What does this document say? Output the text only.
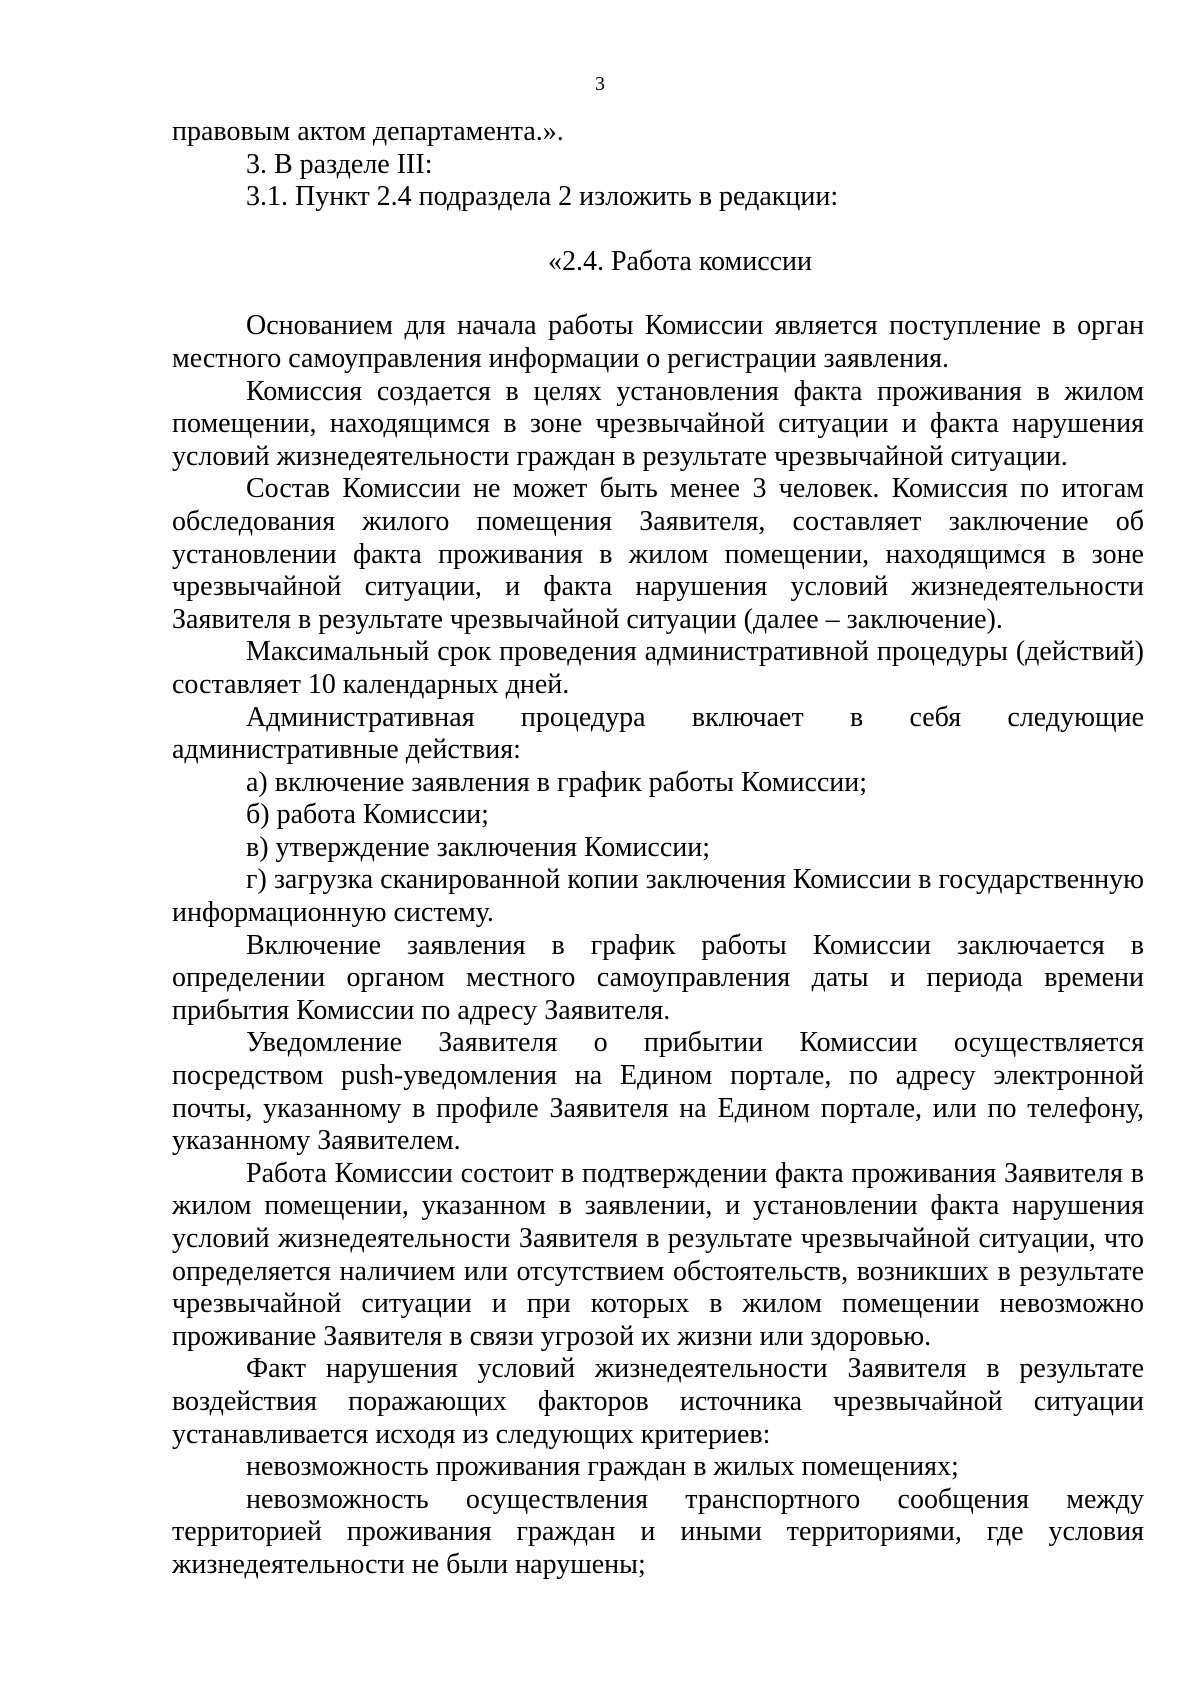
3

правовым актом департамента.».

3. В разделе III:

3.1. Пункт 2.4 подраздела 2 изложить в редакции:

«2.4. Работа комиссии

Основанием для начала работы Комиссии является поступление в орган местного самоуправления информации о регистрации заявления.

Комиссия создается в целях установления факта проживания в жилом помещении, находящимся в зоне чрезвычайной ситуации и факта нарушения условий жизнедеятельности граждан в результате чрезвычайной ситуации.

Состав Комиссии не может быть менее 3 человек. Комиссия по итогам обследования жилого помещения Заявителя, составляет заключение об установлении факта проживания в жилом помещении, находящимся в зоне чрезвычайной ситуации, и факта нарушения условий жизнедеятельности Заявителя в результате чрезвычайной ситуации (далее – заключение).

Максимальный срок проведения административной процедуры (действий) составляет 10 календарных дней.

Административная процедура включает в себя следующие административные действия:

а) включение заявления в график работы Комиссии;

б) работа Комиссии;

в) утверждение заключения Комиссии;

г) загрузка сканированной копии заключения Комиссии в государственную информационную систему.

Включение заявления в график работы Комиссии заключается в определении органом местного самоуправления даты и периода времени прибытия Комиссии по адресу Заявителя.

Уведомление Заявителя о прибытии Комиссии осуществляется посредством push-уведомления на Едином портале, по адресу электронной почты, указанному в профиле Заявителя на Едином портале, или по телефону, указанному Заявителем.

Работа Комиссии состоит в подтверждении факта проживания Заявителя в жилом помещении, указанном в заявлении, и установлении факта нарушения условий жизнедеятельности Заявителя в результате чрезвычайной ситуации, что определяется наличием или отсутствием обстоятельств, возникших в результате чрезвычайной ситуации и при которых в жилом помещении невозможно проживание Заявителя в связи угрозой их жизни или здоровью.

Факт нарушения условий жизнедеятельности Заявителя в результате воздействия поражающих факторов источника чрезвычайной ситуации устанавливается исходя из следующих критериев:

невозможность проживания граждан в жилых помещениях;

невозможность осуществления транспортного сообщения между территорией проживания граждан и иными территориями, где условия жизнедеятельности не были нарушены;
